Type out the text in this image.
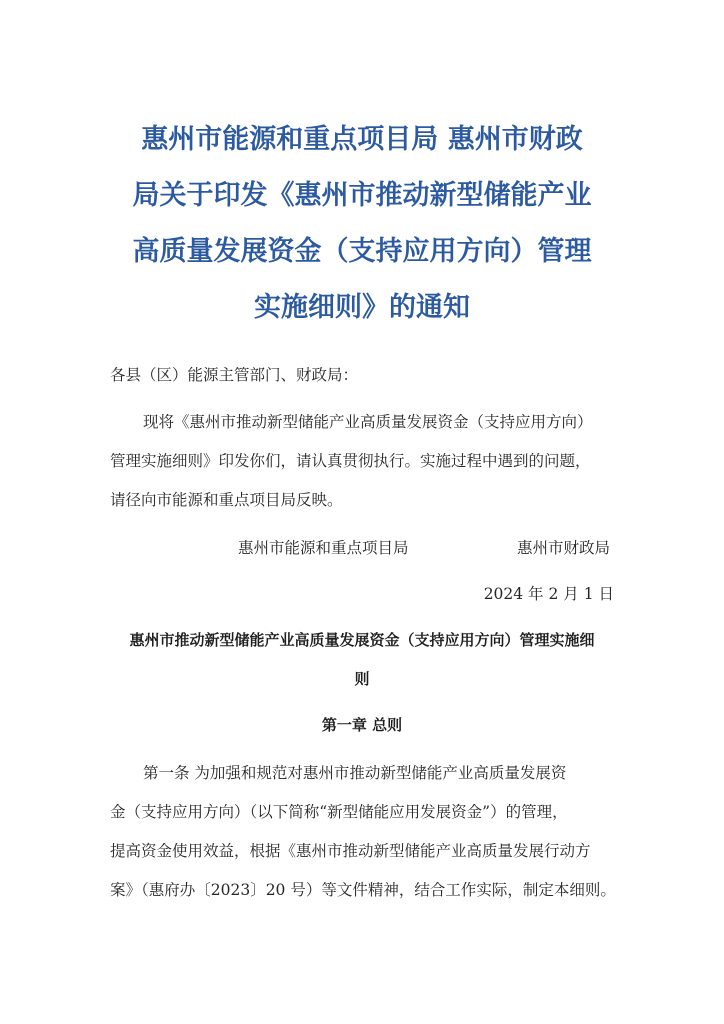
惠州市能源和重点项目局 惠州市财政
局关于印发《惠州市推动新型储能产业
高质量发展资金（支持应用方向）管理
实施细则》的通知

各县（区）能源主管部门、财政局：

现将《惠州市推动新型储能产业高质量发展资金（支持应用方向）
管理实施细则》印发你们，请认真贯彻执行。实施过程中遇到的问题，
请径向市能源和重点项目局反映。
惠州市能源和重点项目局	惠州市财政局
2024 年 2 月 1 日
惠州市推动新型储能产业高质量发展资金（支持应用方向）管理实施细
则

第一章 总则

第一条 为加强和规范对惠州市推动新型储能产业高质量发展资
金（支持应用方向）（以下简称“新型储能应用发展资金”）的管理，
提高资金使用效益，根据《惠州市推动新型储能产业高质量发展行动方
案》（惠府办〔2023〕20 号）等文件精神，结合工作实际，制定本细则。
